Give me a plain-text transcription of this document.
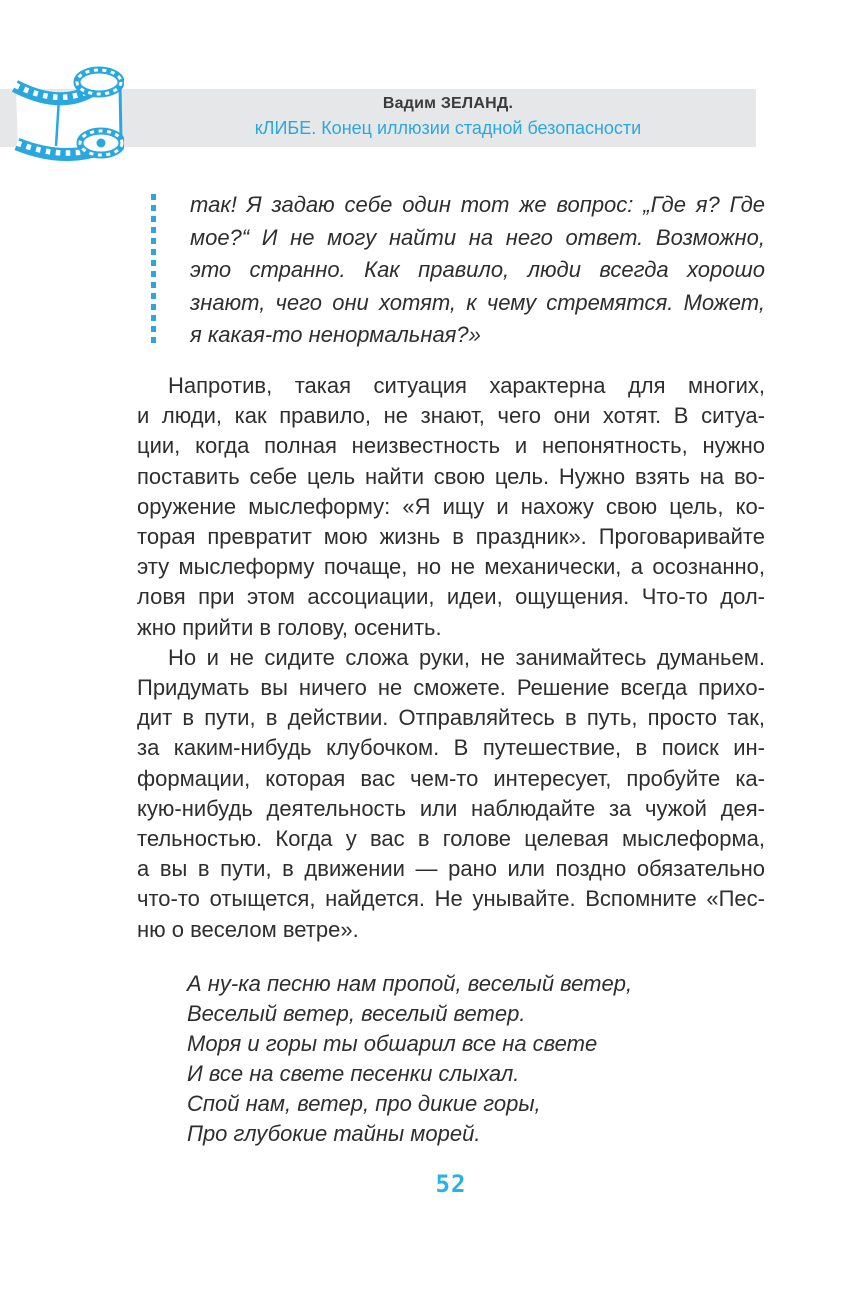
Вадим ЗЕЛАНД.
кЛИБЕ. Конец иллюзии стадной безопасности
так! Я задаю себе один тот же вопрос: „Где я? Где
мое?“ И не могу найти на него ответ. Возможно,
это странно. Как правило, люди всегда хорошо
знают, чего они хотят, к чему стремятся. Может,
я какая-то ненормальная?»
Напротив, такая ситуация характерна для многих,
и люди, как правило, не знают, чего они хотят. В ситуа-
ции, когда полная неизвестность и непонятность, нужно
поставить себе цель найти свою цель. Нужно взять на во-
оружение мыслеформу: «Я ищу и нахожу свою цель, ко-
торая превратит мою жизнь в праздник». Проговаривайте
эту мыслеформу почаще, но не механически, а осознанно,
ловя при этом ассоциации, идеи, ощущения. Что-то дол-
жно прийти в голову, осенить.
Но и не сидите сложа руки, не занимайтесь думаньем.
Придумать вы ничего не сможете. Решение всегда прихо-
дит в пути, в действии. Отправляйтесь в путь, просто так,
за каким-нибудь клубочком. В путешествие, в поиск ин-
формации, которая вас чем-то интересует, пробуйте ка-
кую-нибудь деятельность или наблюдайте за чужой дея-
тельностью. Когда у вас в голове целевая мыслеформа,
а вы в пути, в движении — рано или поздно обязательно
что-то отыщется, найдется. Не унывайте. Вспомните «Пес-
ню о веселом ветре».
А ну-ка песню нам пропой, веселый ветер,
Веселый ветер, веселый ветер.
Моря и горы ты обшарил все на свете
И все на свете песенки слыхал.
Спой нам, ветер, про дикие горы,
Про глубокие тайны морей.
52
